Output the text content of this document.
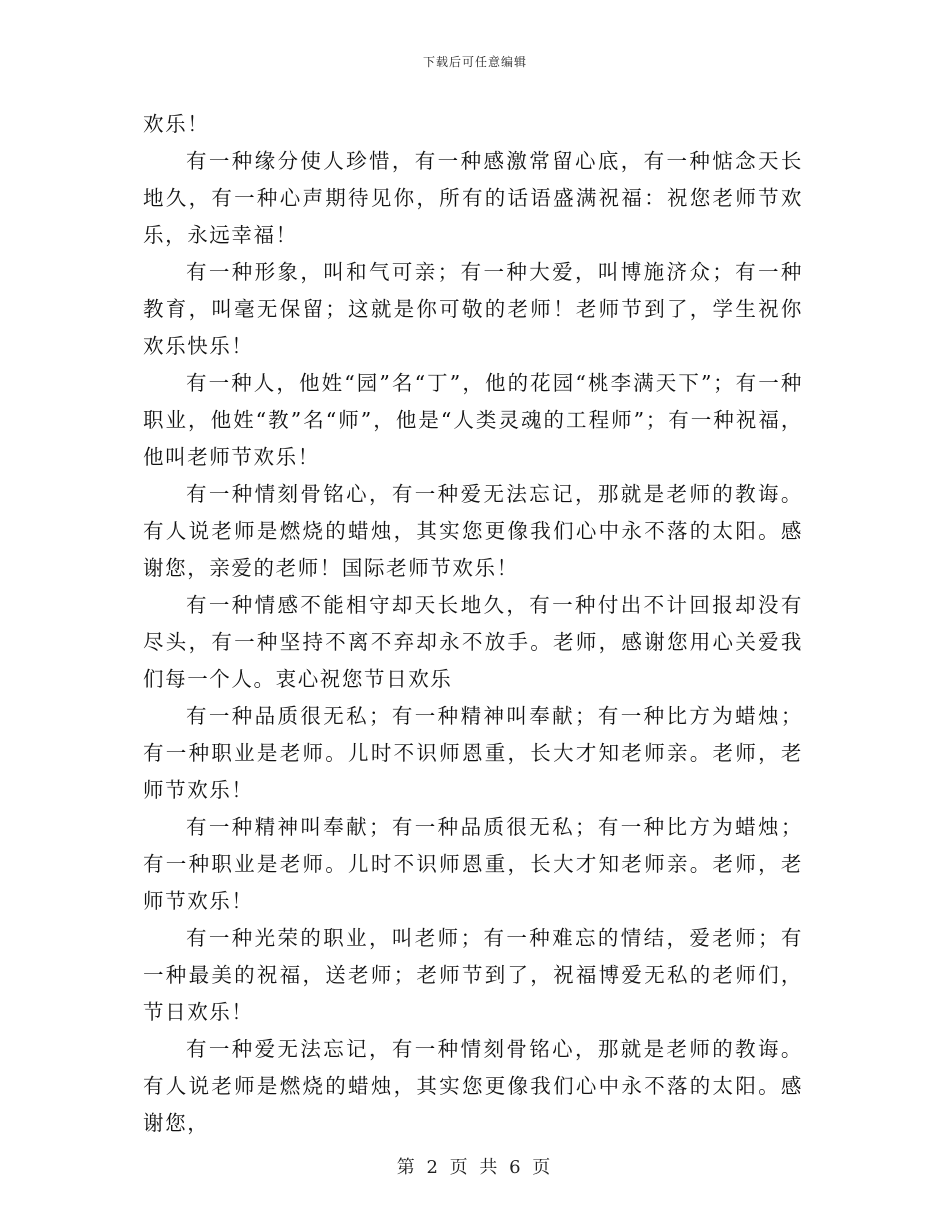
下载后可任意编辑

欢乐！

有一种缘分使人珍惜，有一种感激常留心底，有一种惦念天长地久，有一种心声期待见你，所有的话语盛满祝福：祝您老师节欢乐，永远幸福！

有一种形象，叫和气可亲；有一种大爱，叫博施济众；有一种教育，叫毫无保留；这就是你可敬的老师！老师节到了，学生祝你欢乐快乐！

有一种人，他姓“园”名“丁”，他的花园“桃李满天下”；有一种职业，他姓“教”名“师”，他是“人类灵魂的工程师”；有一种祝福，他叫老师节欢乐！

有一种情刻骨铭心，有一种爱无法忘记，那就是老师的教诲。有人说老师是燃烧的蜡烛，其实您更像我们心中永不落的太阳。感谢您，亲爱的老师！国际老师节欢乐！

有一种情感不能相守却天长地久，有一种付出不计回报却没有尽头，有一种坚持不离不弃却永不放手。老师，感谢您用心关爱我们每一个人。衷心祝您节日欢乐

有一种品质很无私；有一种精神叫奉献；有一种比方为蜡烛；有一种职业是老师。儿时不识师恩重，长大才知老师亲。老师，老师节欢乐！

有一种精神叫奉献；有一种品质很无私；有一种比方为蜡烛；有一种职业是老师。儿时不识师恩重，长大才知老师亲。老师，老师节欢乐！

有一种光荣的职业，叫老师；有一种难忘的情结，爱老师；有一种最美的祝福，送老师；老师节到了，祝福博爱无私的老师们，节日欢乐！

有一种爱无法忘记，有一种情刻骨铭心，那就是老师的教诲。有人说老师是燃烧的蜡烛，其实您更像我们心中永不落的太阳。感谢您，

第 2 页 共 6 页
